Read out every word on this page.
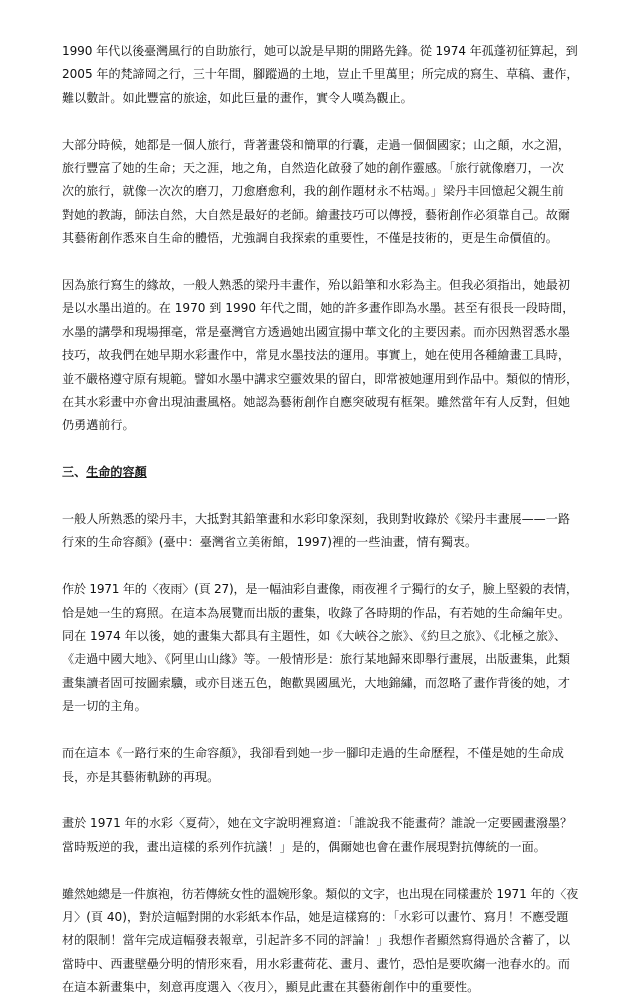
1990 年代以後臺灣風行的自助旅行，她可以說是早期的開路先鋒。從 1974 年孤蓬初征算起，到
2005 年的梵諦岡之行，三十年間，腳蹤過的土地，豈止千里萬里；所完成的寫生、草稿、畫作，
難以數計。如此豐富的旅途，如此巨量的畫作，實令人嘆為觀止。

大部分時候，她都是一個人旅行，背著畫袋和簡單的行囊，走過一個個國家；山之顛，水之湄，
旅行豐富了她的生命；天之涯，地之角，自然造化啟發了她的創作靈感。「旅行就像磨刀，一次
次的旅行，就像一次次的磨刀，刀愈磨愈利，我的創作題材永不枯竭。」梁丹丰回憶起父親生前
對她的教誨，師法自然，大自然是最好的老師。繪畫技巧可以傳授，藝術創作必須靠自己。故爾
其藝術創作悉來自生命的體悟，尤強調自我探索的重要性，不僅是技術的，更是生命價值的。

因為旅行寫生的緣故，一般人熟悉的梁丹丰畫作，殆以鉛筆和水彩為主。但我必須指出，她最初
是以水墨出道的。在 1970 到 1990 年代之間，她的許多畫作即為水墨。甚至有很長一段時間，
水墨的講學和現場揮毫，常是臺灣官方透過她出國宣揚中華文化的主要因素。而亦因熟習悉水墨
技巧，故我們在她早期水彩畫作中，常見水墨技法的運用。事實上，她在使用各種繪畫工具時，
並不嚴格遵守原有規範。譬如水墨中講求空靈效果的留白，即常被她運用到作品中。類似的情形，
在其水彩畫中亦會出現油畫風格。她認為藝術創作自應突破現有框架。雖然當年有人反對，但她
仍勇邁前行。

三、生命的容顏

一般人所熟悉的梁丹丰，大抵對其鉛筆畫和水彩印象深刻，我則對收錄於《梁丹丰畫展——一路
行來的生命容顏》(臺中：臺灣省立美術館，1997)裡的一些油畫，情有獨衷。

作於 1971 年的〈夜雨〉(頁 27)，是一幅油彩自畫像，雨夜裡彳亍獨行的女子，臉上堅毅的表情，
恰是她一生的寫照。在這本為展覽而出版的畫集，收錄了各時期的作品，有若她的生命編年史。
同在 1974 年以後，她的畫集大都具有主題性，如《大峽谷之旅》、《約旦之旅》、《北極之旅》、
《走過中國大地》、《阿里山山緣》等。一般情形是：旅行某地歸來即舉行畫展，出版畫集，此類
畫集讀者固可按圖索驥，或亦目迷五色，飽歡異國風光，大地錦繡，而忽略了畫作背後的她，才
是一切的主角。

而在這本《一路行來的生命容顏》，我卻看到她一步一腳印走過的生命歷程，不僅是她的生命成
長，亦是其藝術軌跡的再現。

畫於 1971 年的水彩〈夏荷〉，她在文字說明裡寫道：「誰說我不能畫荷？誰說一定要國畫潑墨？
當時叛逆的我，畫出這樣的系列作抗議！」是的，偶爾她也會在畫作展現對抗傳統的一面。

雖然她總是一件旗袍，彷若傳統女性的溫婉形象。類似的文字，也出現在同樣畫於 1971 年的〈夜
月〉(頁 40)，對於這幅對開的水彩紙本作品，她是這樣寫的：「水彩可以畫竹、寫月！不應受題
材的限制！當年完成這幅發表報章，引起許多不同的評論！」我想作者顯然寫得過於含蓄了，以
當時中、西畫壁壘分明的情形來看，用水彩畫荷花、畫月、畫竹，恐怕是要吹縐一池春水的。而
在這本新畫集中，刻意再度選入〈夜月〉，顯見此畫在其藝術創作中的重要性。
